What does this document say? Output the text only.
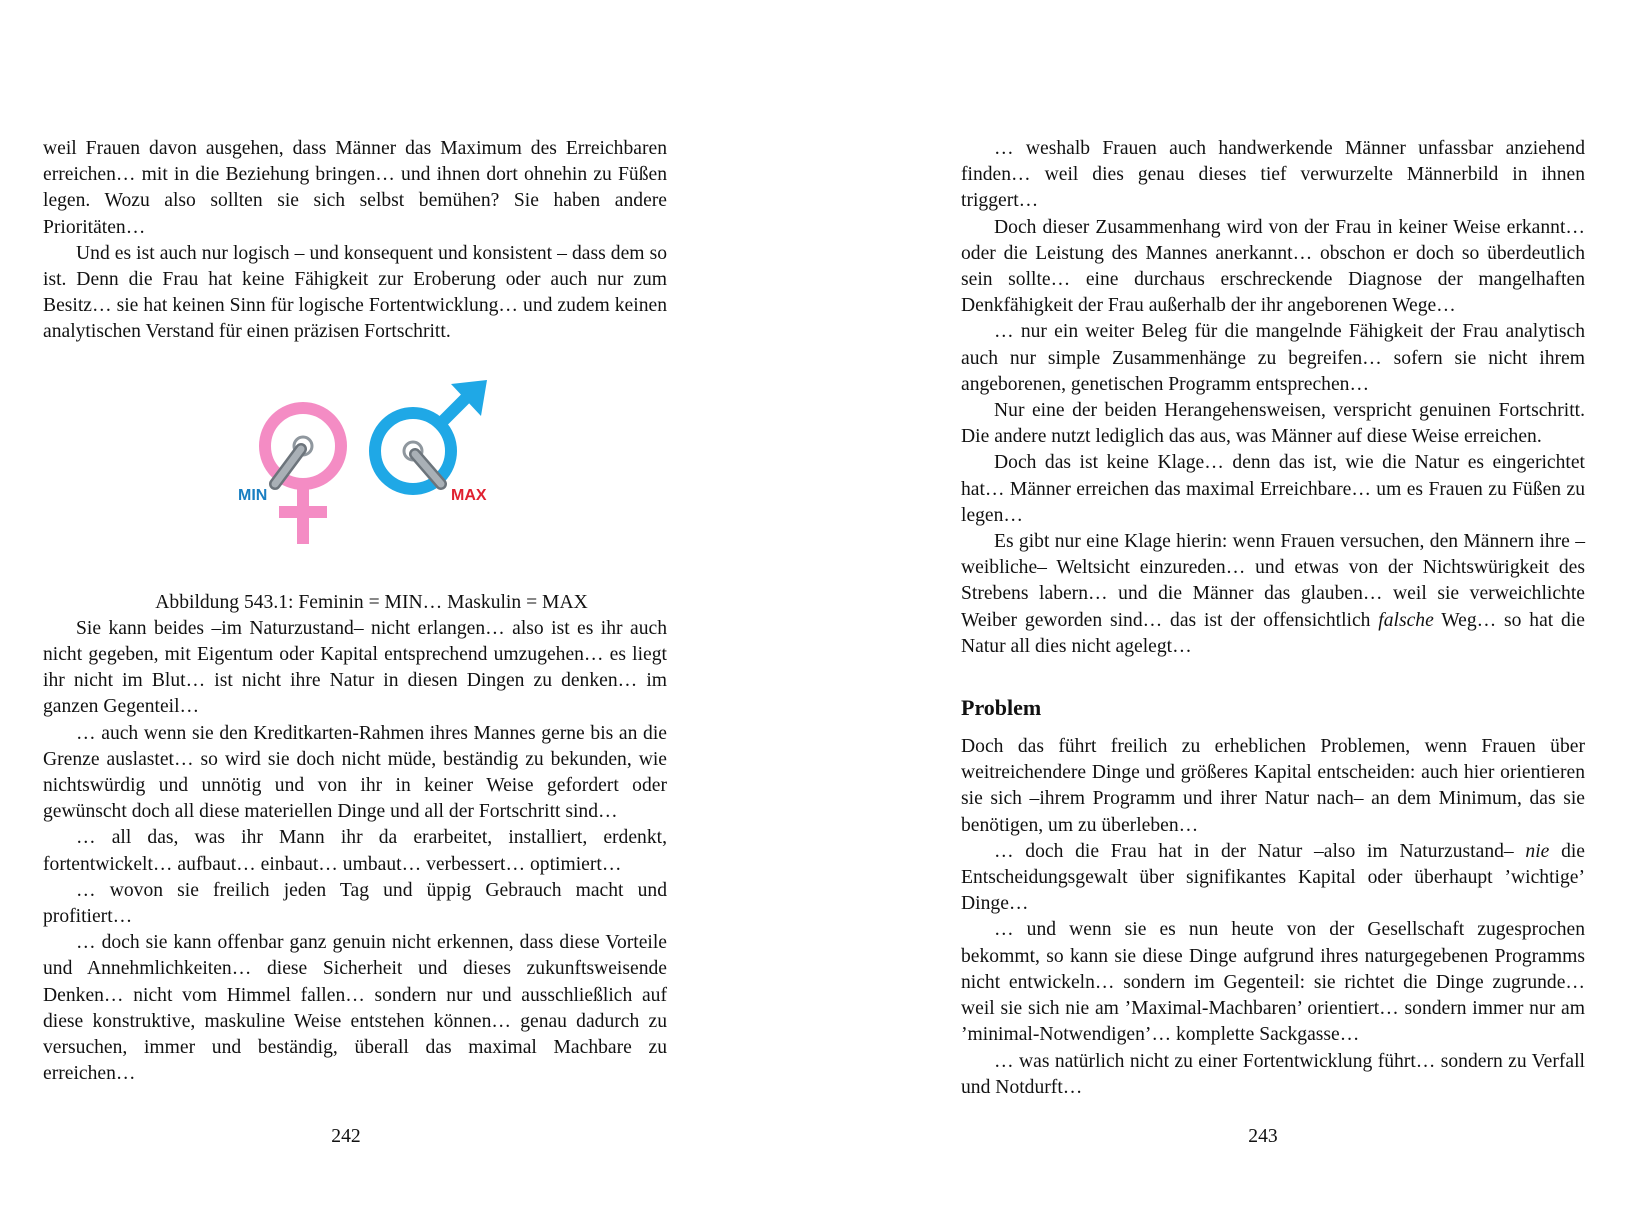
weil Frauen davon ausgehen, dass Männer das Maximum des Erreichbaren erreichen… mit in die Beziehung bringen… und ihnen dort ohnehin zu Füßen legen. Wozu also sollten sie sich selbst bemühen? Sie haben andere Prioritäten…

Und es ist auch nur logisch – und konsequent und konsistent – dass dem so ist. Denn die Frau hat keine Fähigkeit zur Eroberung oder auch nur zum Besitz… sie hat keinen Sinn für logische Fortentwicklung… und zudem keinen analytischen Verstand für einen präzisen Fortschritt.

MIN	MAX

Abbildung 543.1: Feminin = MIN… Maskulin = MAX

Sie kann beides –im Naturzustand– nicht erlangen… also ist es ihr auch nicht gegeben, mit Eigentum oder Kapital entsprechend umzugehen… es liegt ihr nicht im Blut… ist nicht ihre Natur in diesen Dingen zu denken… im ganzen Gegenteil…

… auch wenn sie den Kreditkarten-Rahmen ihres Mannes gerne bis an die Grenze auslastet… so wird sie doch nicht müde, beständig zu bekunden, wie nichtswürdig und unnötig und von ihr in keiner Weise gefordert oder gewünscht doch all diese materiellen Dinge und all der Fortschritt sind…

… all das, was ihr Mann ihr da erarbeitet, installiert, erdenkt, fortentwickelt… aufbaut… einbaut… umbaut… verbessert… optimiert…

… wovon sie freilich jeden Tag und üppig Gebrauch macht und profitiert…

… doch sie kann offenbar ganz genuin nicht erkennen, dass diese Vorteile und Annehmlichkeiten… diese Sicherheit und dieses zukunftsweisende Denken… nicht vom Himmel fallen… sondern nur und ausschließlich auf diese konstruktive, maskuline Weise entstehen können… genau dadurch zu versuchen, immer und beständig, überall das maximal Machbare zu erreichen…

242

… weshalb Frauen auch handwerkende Männer unfassbar anziehend finden… weil dies genau dieses tief verwurzelte Männerbild in ihnen triggert…

Doch dieser Zusammenhang wird von der Frau in keiner Weise erkannt… oder die Leistung des Mannes anerkannt… obschon er doch so überdeutlich sein sollte… eine durchaus erschreckende Diagnose der mangelhaften Denkfähigkeit der Frau außerhalb der ihr angeborenen Wege…

… nur ein weiter Beleg für die mangelnde Fähigkeit der Frau analytisch auch nur simple Zusammenhänge zu begreifen… sofern sie nicht ihrem angeborenen, genetischen Programm entsprechen…

Nur eine der beiden Herangehensweisen, verspricht genuinen Fortschritt. Die andere nutzt lediglich das aus, was Männer auf diese Weise erreichen.

Doch das ist keine Klage… denn das ist, wie die Natur es eingerichtet hat… Männer erreichen das maximal Erreichbare… um es Frauen zu Füßen zu legen…

Es gibt nur eine Klage hierin: wenn Frauen versuchen, den Männern ihre –weibliche– Weltsicht einzureden… und etwas von der Nichtswürigkeit des Strebens labern… und die Männer das glauben… weil sie verweichlichte Weiber geworden sind… das ist der offensichtlich falsche Weg… so hat die Natur all dies nicht agelegt…

Problem

Doch das führt freilich zu erheblichen Problemen, wenn Frauen über weitreichendere Dinge und größeres Kapital entscheiden: auch hier orientieren sie sich –ihrem Programm und ihrer Natur nach– an dem Minimum, das sie benötigen, um zu überleben…

… doch die Frau hat in der Natur –also im Naturzustand– nie die Entscheidungsgewalt über signifikantes Kapital oder überhaupt ’wichtige’ Dinge…

… und wenn sie es nun heute von der Gesellschaft zugesprochen bekommt, so kann sie diese Dinge aufgrund ihres naturgegebenen Programms nicht entwickeln… sondern im Gegenteil: sie richtet die Dinge zugrunde… weil sie sich nie am ’Maximal-Machbaren’ orientiert… sondern immer nur am ’minimal-Notwendigen’… komplette Sackgasse…

… was natürlich nicht zu einer Fortentwicklung führt… sondern zu Verfall und Notdurft…

243
